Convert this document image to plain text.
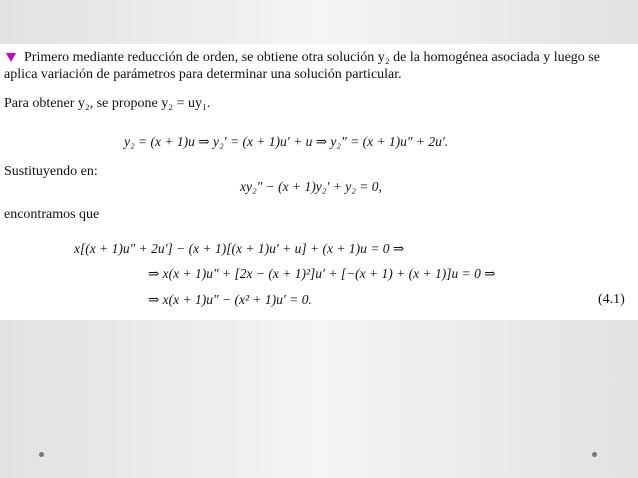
Primero mediante reducción de orden, se obtiene otra solución y₂ de la homogénea asociada y luego se
aplica variación de parámetros para determinar una solución particular.
Para obtener y₂, se propone y₂ = uy₁.
y₂ = (x + 1)u ⇒ y₂′ = (x + 1)u′ + u ⇒ y₂″ = (x + 1)u″ + 2u′.
Sustituyendo en:
xy₂″ − (x + 1)y₂′ + y₂ = 0,
encontramos que
x[(x + 1)u″ + 2u′] − (x + 1)[(x + 1)u′ + u] + (x + 1)u = 0 ⇒
⇒ x(x + 1)u″ + [2x − (x + 1)²]u′ + [−(x + 1) + (x + 1)]u = 0 ⇒
⇒ x(x + 1)u″ − (x² + 1)u′ = 0.	(4.1)
